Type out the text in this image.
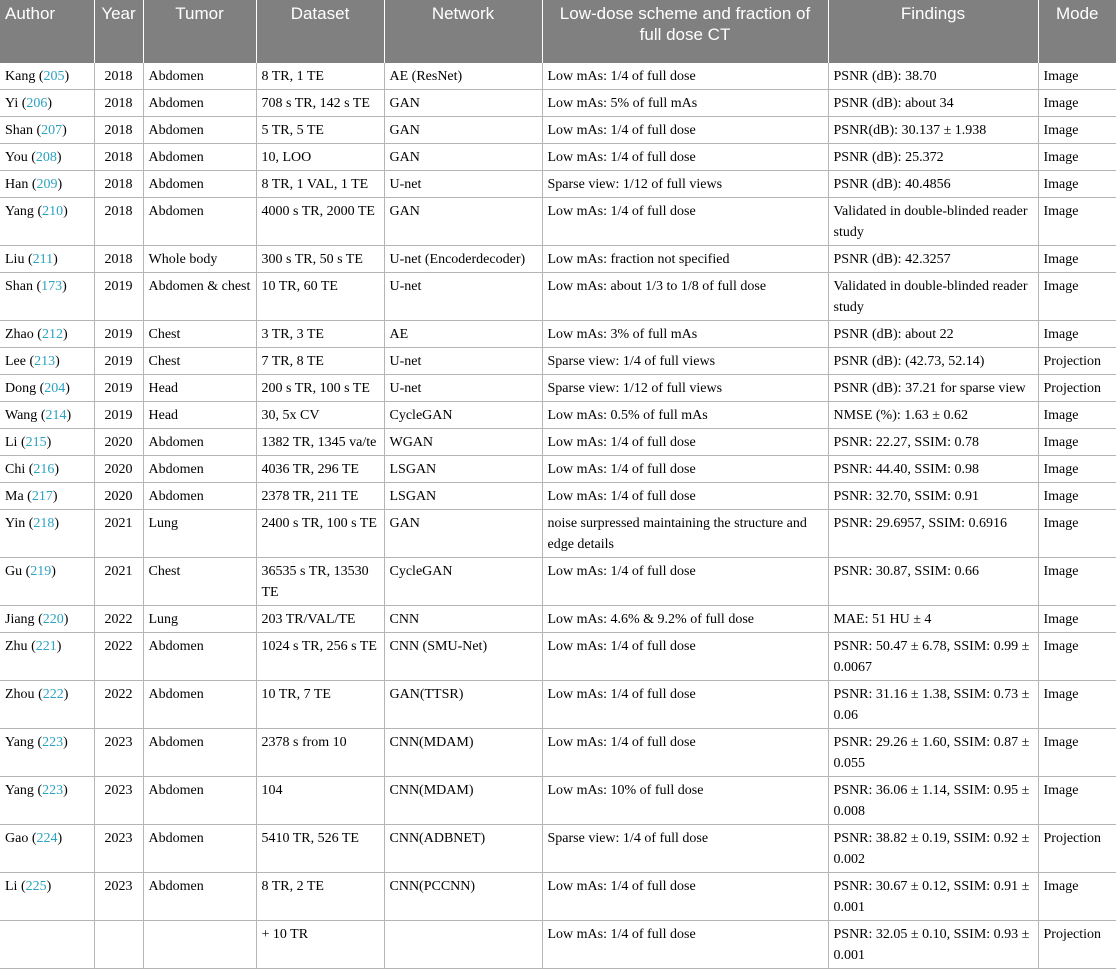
Author	Year	Tumor	Dataset	Network	Low-dose scheme and fraction of full dose CT	Findings	Mode
Kang (205)	2018	Abdomen	8 TR, 1 TE	AE (ResNet)	Low mAs: 1/4 of full dose	PSNR (dB): 38.70	Image
Yi (206)	2018	Abdomen	708 s TR, 142 s TE	GAN	Low mAs: 5% of full mAs	PSNR (dB): about 34	Image
Shan (207)	2018	Abdomen	5 TR, 5 TE	GAN	Low mAs: 1/4 of full dose	PSNR(dB): 30.137 ± 1.938	Image
You (208)	2018	Abdomen	10, LOO	GAN	Low mAs: 1/4 of full dose	PSNR (dB): 25.372	Image
Han (209)	2018	Abdomen	8 TR, 1 VAL, 1 TE	U-net	Sparse view: 1/12 of full views	PSNR (dB): 40.4856	Image
Yang (210)	2018	Abdomen	4000 s TR, 2000 TE	GAN	Low mAs: 1/4 of full dose	Validated in double-blinded reader study	Image
Liu (211)	2018	Whole body	300 s TR, 50 s TE	U-net (Encoderdecoder)	Low mAs: fraction not specified	PSNR (dB): 42.3257	Image
Shan (173)	2019	Abdomen & chest	10 TR, 60 TE	U-net	Low mAs: about 1/3 to 1/8 of full dose	Validated in double-blinded reader study	Image
Zhao (212)	2019	Chest	3 TR, 3 TE	AE	Low mAs: 3% of full mAs	PSNR (dB): about 22	Image
Lee (213)	2019	Chest	7 TR, 8 TE	U-net	Sparse view: 1/4 of full views	PSNR (dB): (42.73, 52.14)	Projection
Dong (204)	2019	Head	200 s TR, 100 s TE	U-net	Sparse view: 1/12 of full views	PSNR (dB): 37.21 for sparse view	Projection
Wang (214)	2019	Head	30, 5x CV	CycleGAN	Low mAs: 0.5% of full mAs	NMSE (%): 1.63 ± 0.62	Image
Li (215)	2020	Abdomen	1382 TR, 1345 va/te	WGAN	Low mAs: 1/4 of full dose	PSNR: 22.27, SSIM: 0.78	Image
Chi (216)	2020	Abdomen	4036 TR, 296 TE	LSGAN	Low mAs: 1/4 of full dose	PSNR: 44.40, SSIM: 0.98	Image
Ma (217)	2020	Abdomen	2378 TR, 211 TE	LSGAN	Low mAs: 1/4 of full dose	PSNR: 32.70, SSIM: 0.91	Image
Yin (218)	2021	Lung	2400 s TR, 100 s TE	GAN	noise surpressed maintaining the structure and edge details	PSNR: 29.6957, SSIM: 0.6916	Image
Gu (219)	2021	Chest	36535 s TR, 13530 TE	CycleGAN	Low mAs: 1/4 of full dose	PSNR: 30.87, SSIM: 0.66	Image
Jiang (220)	2022	Lung	203 TR/VAL/TE	CNN	Low mAs: 4.6% & 9.2% of full dose	MAE: 51 HU ± 4	Image
Zhu (221)	2022	Abdomen	1024 s TR, 256 s TE	CNN (SMU-Net)	Low mAs: 1/4 of full dose	PSNR: 50.47 ± 6.78, SSIM: 0.99 ± 0.0067	Image
Zhou (222)	2022	Abdomen	10 TR, 7 TE	GAN(TTSR)	Low mAs: 1/4 of full dose	PSNR: 31.16 ± 1.38, SSIM: 0.73 ± 0.06	Image
Yang (223)	2023	Abdomen	2378 s from 10	CNN(MDAM)	Low mAs: 1/4 of full dose	PSNR: 29.26 ± 1.60, SSIM: 0.87 ± 0.055	Image
Yang (223)	2023	Abdomen	104	CNN(MDAM)	Low mAs: 10% of full dose	PSNR: 36.06 ± 1.14, SSIM: 0.95 ± 0.008	Image
Gao (224)	2023	Abdomen	5410 TR, 526 TE	CNN(ADBNET)	Sparse view: 1/4 of full dose	PSNR: 38.82 ± 0.19, SSIM: 0.92 ± 0.002	Projection
Li (225)	2023	Abdomen	8 TR, 2 TE	CNN(PCCNN)	Low mAs: 1/4 of full dose	PSNR: 30.67 ± 0.12, SSIM: 0.91 ± 0.001	Image
			+ 10 TR		Low mAs: 1/4 of full dose	PSNR: 32.05 ± 0.10, SSIM: 0.93 ± 0.001	Projection
